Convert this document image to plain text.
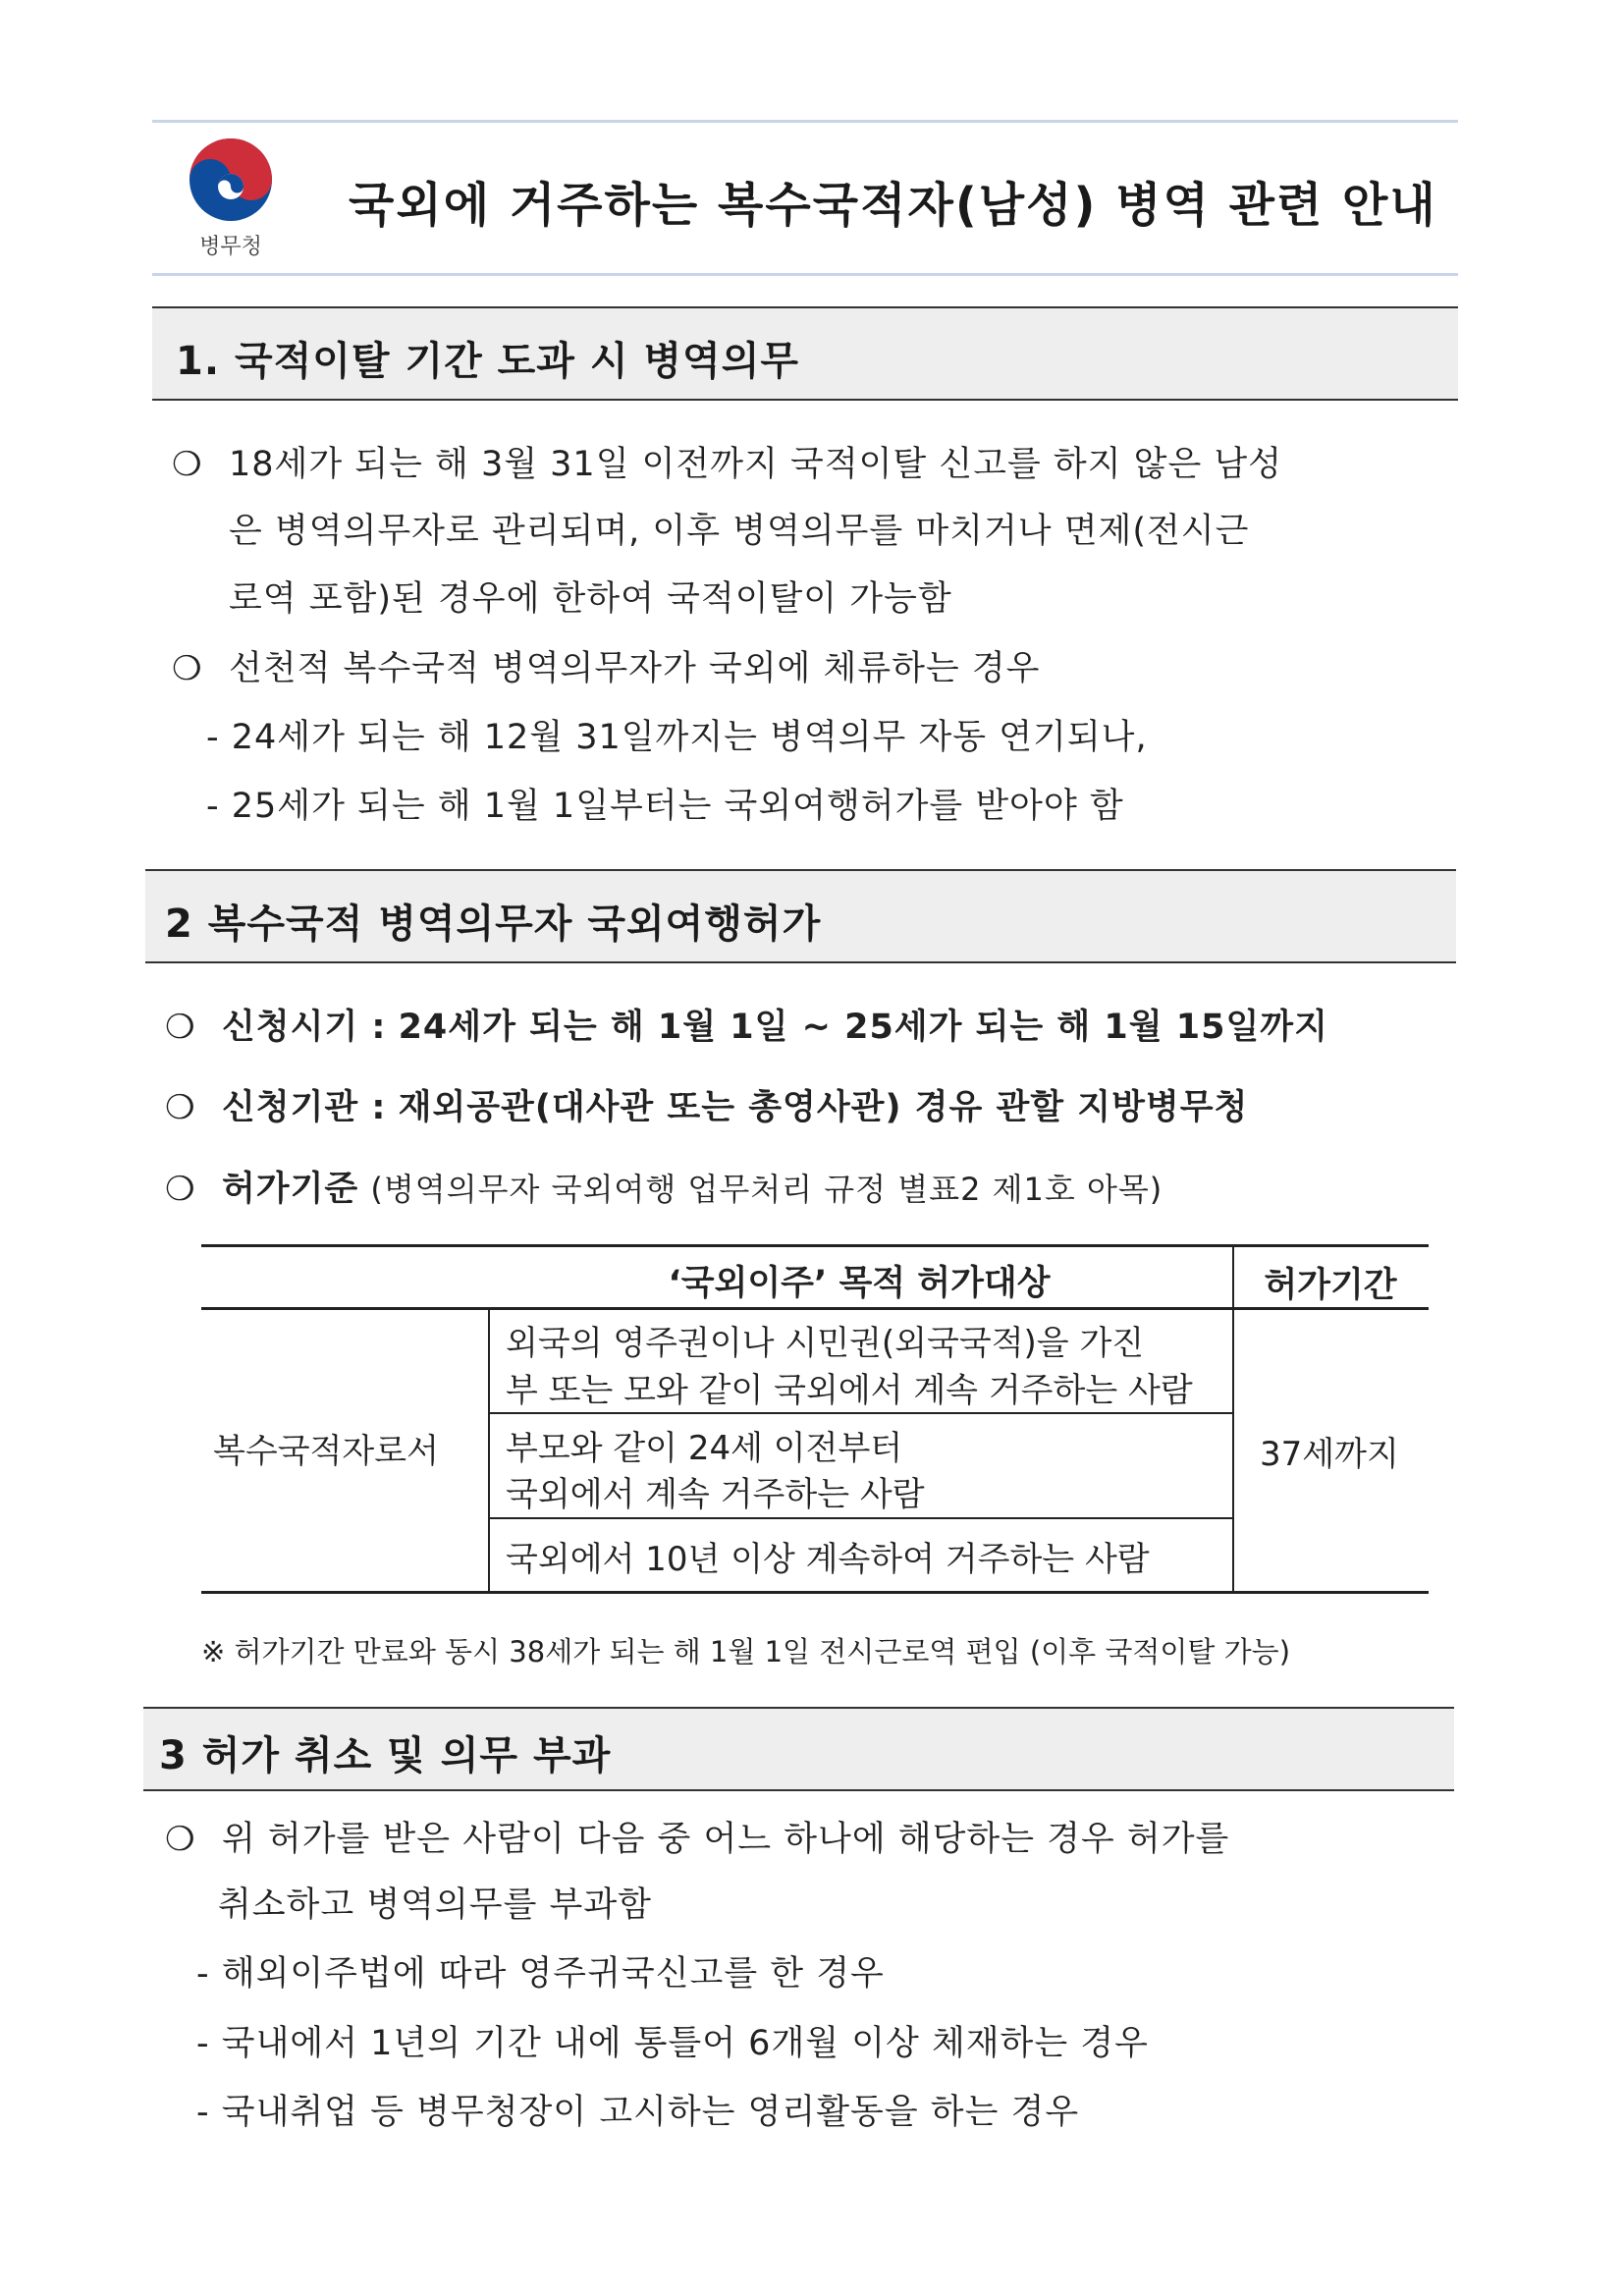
병무청
국외에 거주하는 복수국적자(남성) 병역 관련 안내
1. 국적이탈 기간 도과 시 병역의무
❍ 18세가 되는 해 3월 31일 이전까지 국적이탈 신고를 하지 않은 남성
은 병역의무자로 관리되며, 이후 병역의무를 마치거나 면제(전시근
로역 포함)된 경우에 한하여 국적이탈이 가능함
❍ 선천적 복수국적 병역의무자가 국외에 체류하는 경우
- 24세가 되는 해 12월 31일까지는 병역의무 자동 연기되나,
- 25세가 되는 해 1월 1일부터는 국외여행허가를 받아야 함
2 복수국적 병역의무자 국외여행허가
❍ 신청시기 : 24세가 되는 해 1월 1일 ~ 25세가 되는 해 1월 15일까지
❍ 신청기관 : 재외공관(대사관 또는 총영사관) 경유 관할 지방병무청
❍ 허가기준 (병역의무자 국외여행 업무처리 규정 별표2 제1호 아목)
‘국외이주’ 목적 허가대상	허가기간
복수국적자로서	37세까지
외국의 영주권이나 시민권(외국국적)을 가진
부 또는 모와 같이 국외에서 계속 거주하는 사람
부모와 같이 24세 이전부터
국외에서 계속 거주하는 사람
국외에서 10년 이상 계속하여 거주하는 사람
※ 허가기간 만료와 동시 38세가 되는 해 1월 1일 전시근로역 편입 (이후 국적이탈 가능)
3 허가 취소 및 의무 부과
❍ 위 허가를 받은 사람이 다음 중 어느 하나에 해당하는 경우 허가를
취소하고 병역의무를 부과함
- 해외이주법에 따라 영주귀국신고를 한 경우
- 국내에서 1년의 기간 내에 통틀어 6개월 이상 체재하는 경우
- 국내취업 등 병무청장이 고시하는 영리활동을 하는 경우
